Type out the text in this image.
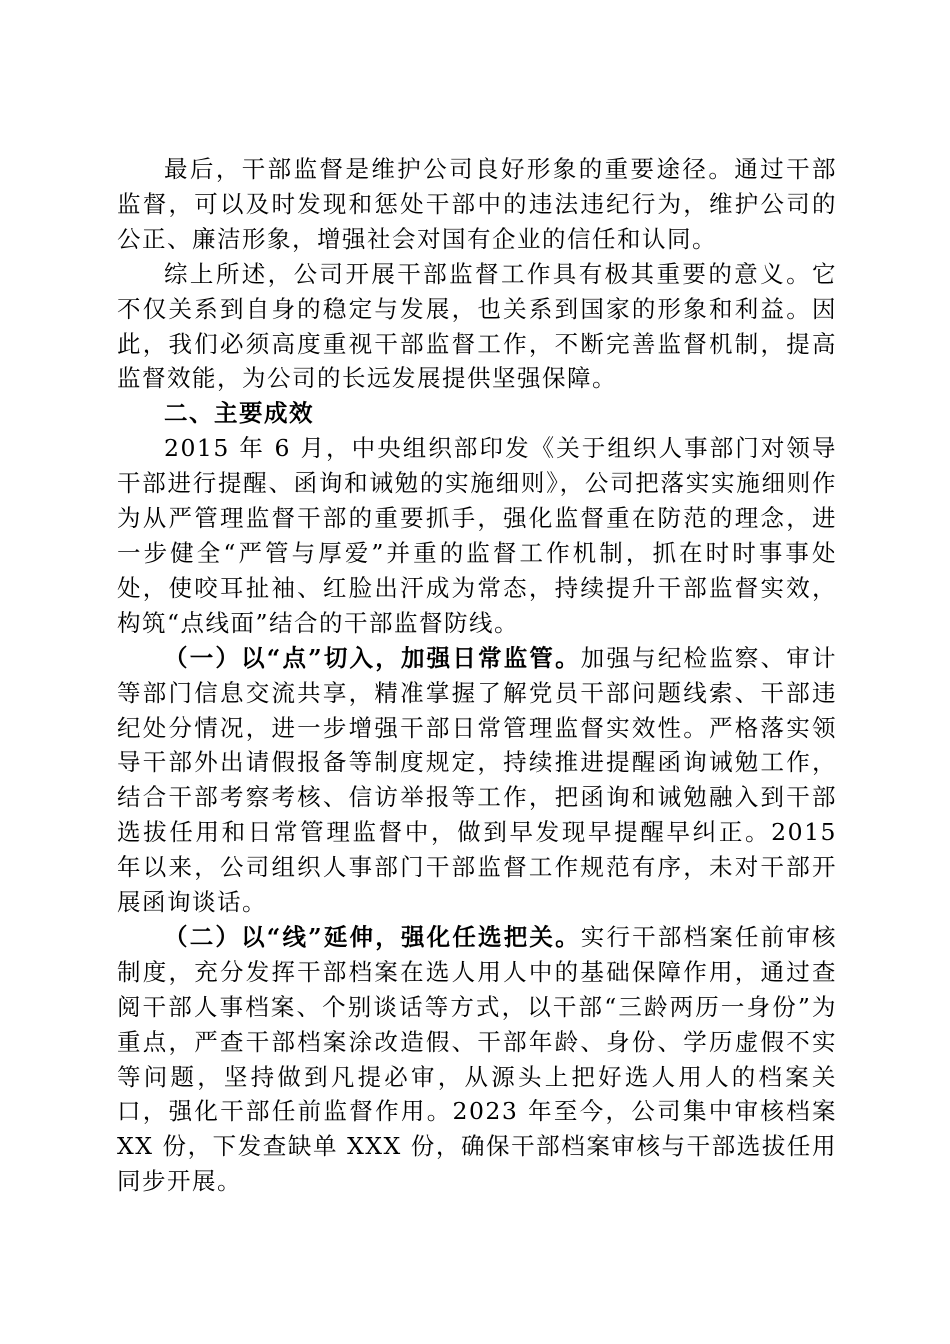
最后，干部监督是维护公司良好形象的重要途径。通过干部监督，可以及时发现和惩处干部中的违法违纪行为，维护公司的公正、廉洁形象，增强社会对国有企业的信任和认同。

综上所述，公司开展干部监督工作具有极其重要的意义。它不仅关系到自身的稳定与发展，也关系到国家的形象和利益。因此，我们必须高度重视干部监督工作，不断完善监督机制，提高监督效能，为公司的长远发展提供坚强保障。

二、主要成效

2015 年 6 月，中央组织部印发《关于组织人事部门对领导干部进行提醒、函询和诫勉的实施细则》，公司把落实实施细则作为从严管理监督干部的重要抓手，强化监督重在防范的理念，进一步健全“严管与厚爱”并重的监督工作机制，抓在时时事事处处，使咬耳扯袖、红脸出汗成为常态，持续提升干部监督实效，构筑“点线面”结合的干部监督防线。

（一）以“点”切入，加强日常监管。加强与纪检监察、审计等部门信息交流共享，精准掌握了解党员干部问题线索、干部违纪处分情况，进一步增强干部日常管理监督实效性。严格落实领导干部外出请假报备等制度规定，持续推进提醒函询诫勉工作，结合干部考察考核、信访举报等工作，把函询和诫勉融入到干部选拔任用和日常管理监督中，做到早发现早提醒早纠正。2015 年以来，公司组织人事部门干部监督工作规范有序，未对干部开展函询谈话。

（二）以“线”延伸，强化任选把关。实行干部档案任前审核制度，充分发挥干部档案在选人用人中的基础保障作用，通过查阅干部人事档案、个别谈话等方式，以干部“三龄两历一身份”为重点，严查干部档案涂改造假、干部年龄、身份、学历虚假不实等问题，坚持做到凡提必审，从源头上把好选人用人的档案关口，强化干部任前监督作用。2023 年至今，公司集中审核档案 XX 份，下发查缺单 XXX 份，确保干部档案审核与干部选拔任用同步开展。
